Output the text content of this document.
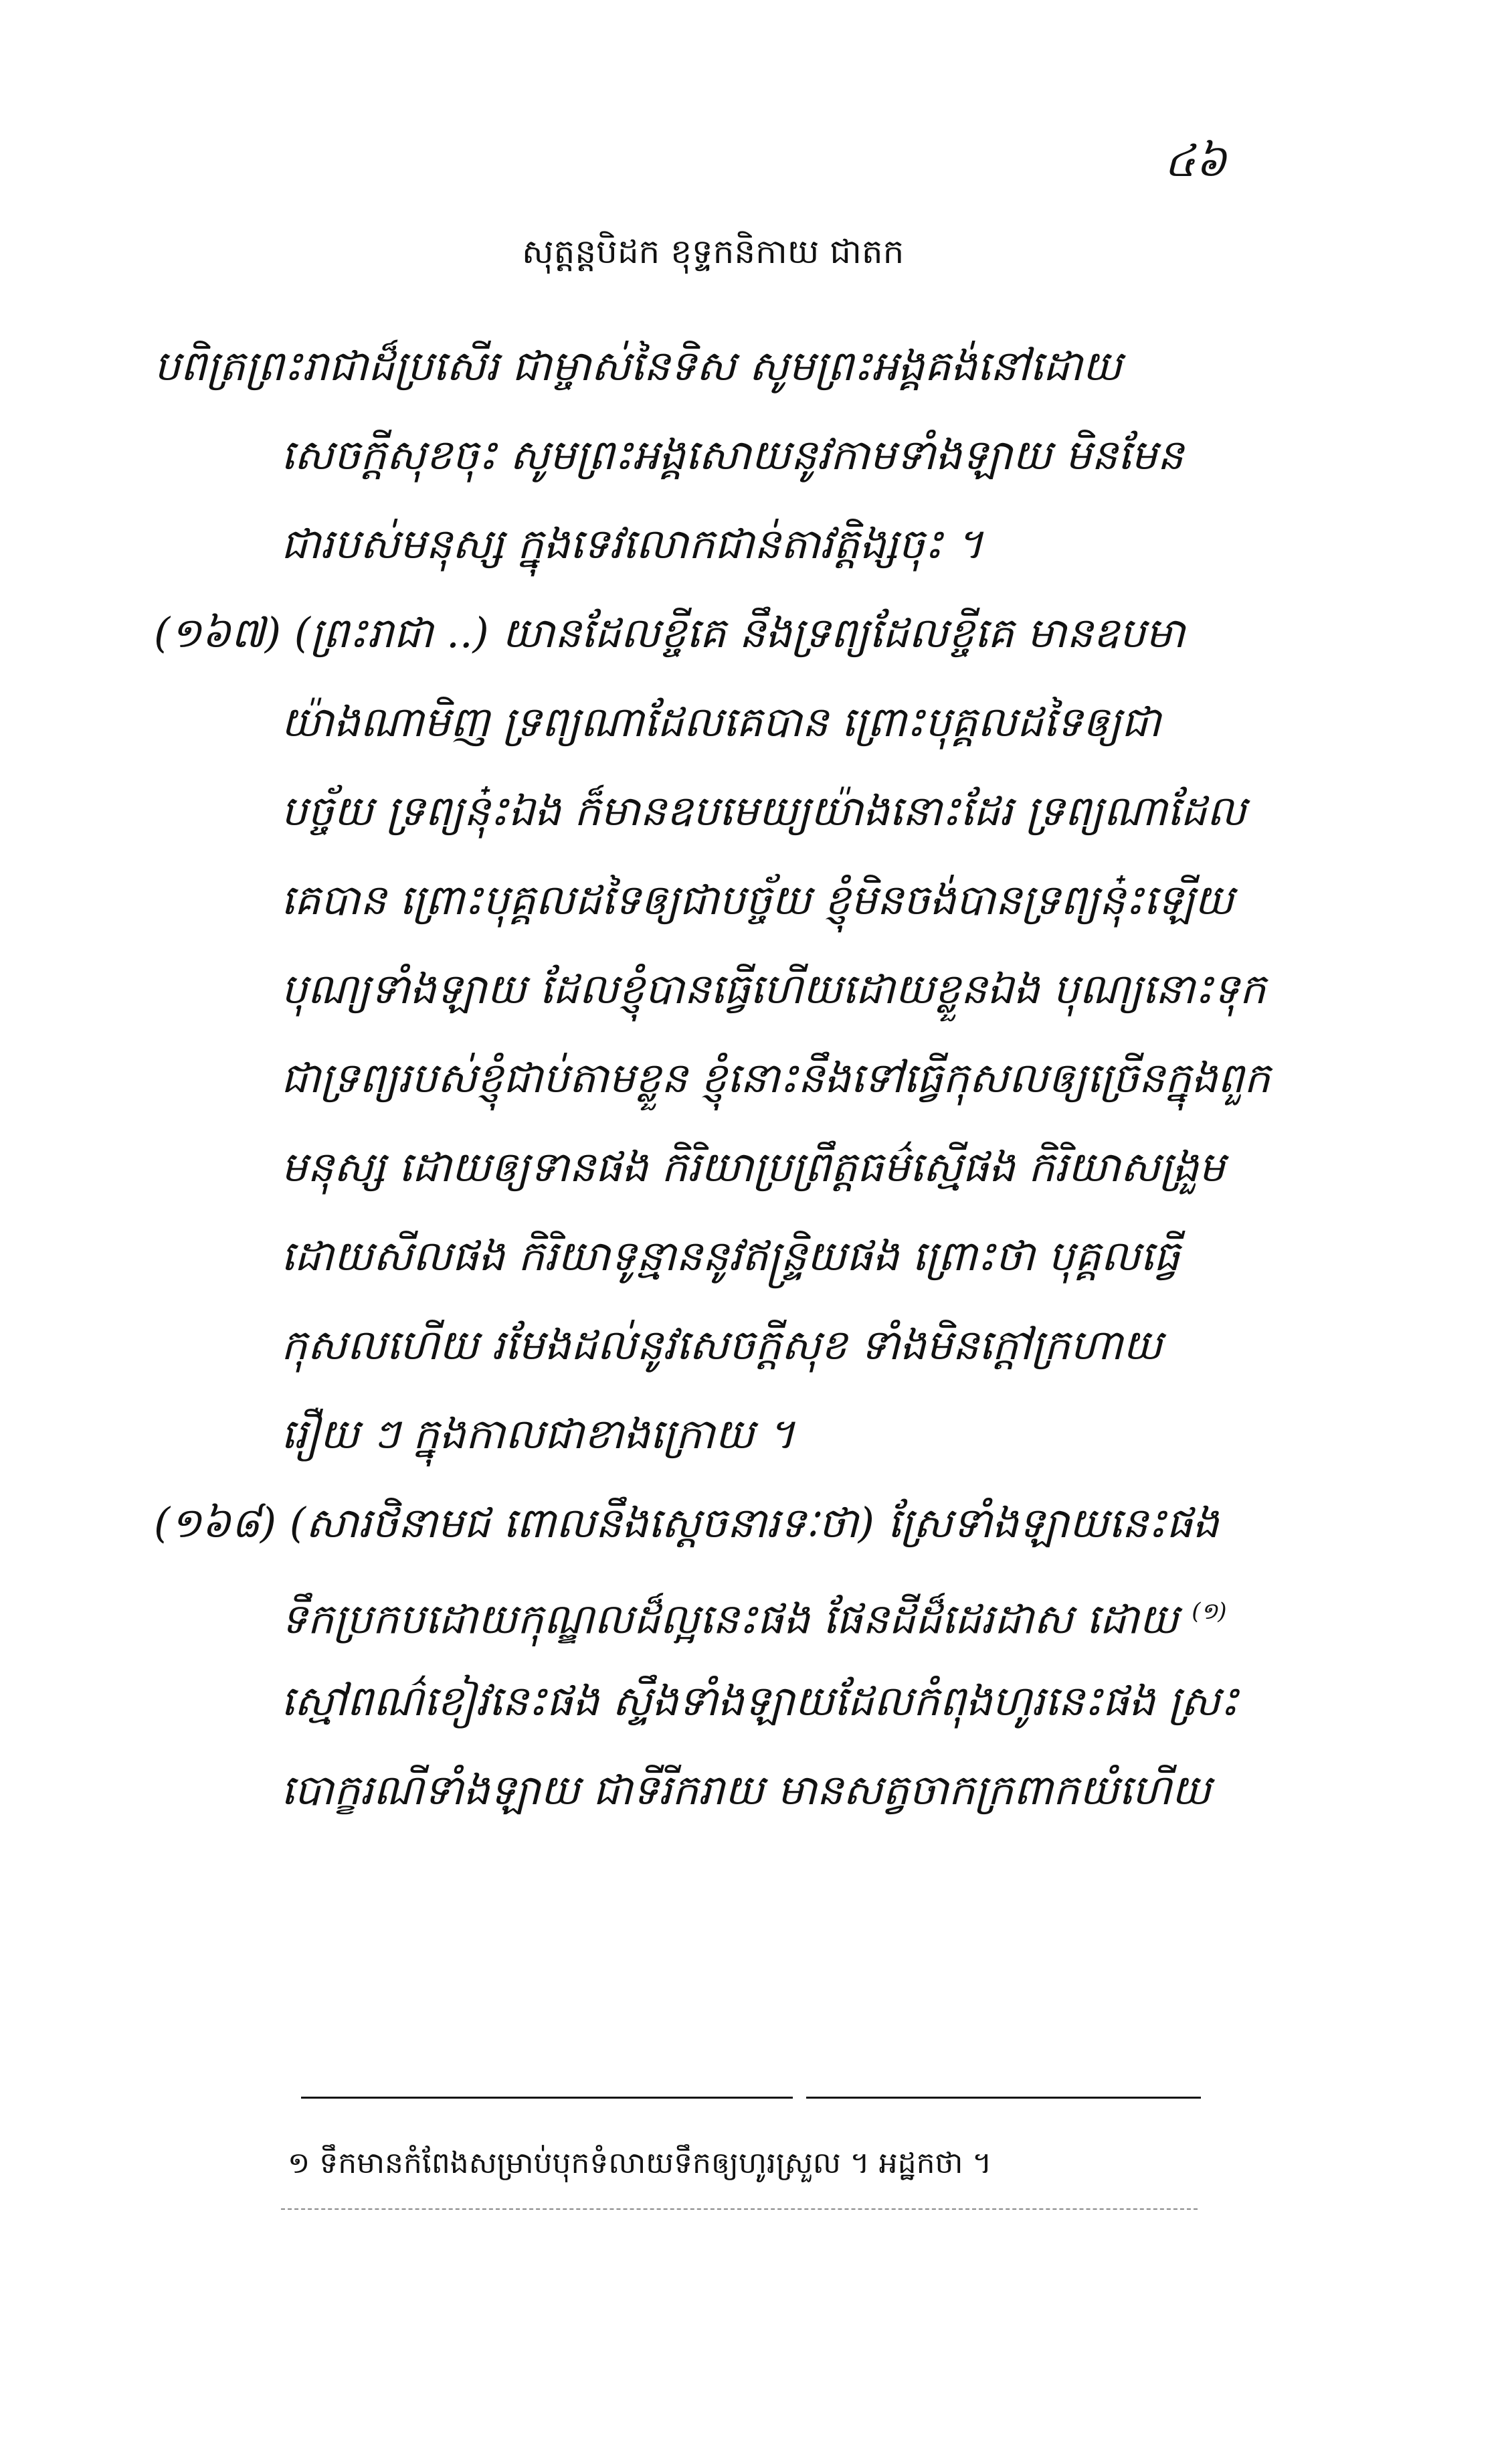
៤៦
សុត្តន្តបិដក ខុទ្ទកនិកាយ ជាតក
បពិត្រព្រះរាជាដ៏ប្រសើរ ជាម្ចាស់នៃទិស សូមព្រះអង្គគង់នៅដោយ
សេចក្តីសុខចុះ សូមព្រះអង្គសោយនូវកាមទាំងឡាយ មិនមែន
ជារបស់មនុស្ស ក្នុងទេវលោកជាន់តាវត្តិង្សចុះ ។
(១៦៧) (ព្រះរាជា ..) យានដែលខ្ចីគេ នឹងទ្រព្យដែលខ្ចីគេ មានឧបមា
យ៉ាងណាមិញ ទ្រព្យណាដែលគេបាន ព្រោះបុគ្គលដទៃឲ្យជា
បច្ច័យ ទ្រព្យនុ៎ះឯង ក៏មានឧបមេយ្យយ៉ាងនោះដែរ ទ្រព្យណាដែល
គេបាន ព្រោះបុគ្គលដទៃឲ្យជាបច្ច័យ ខ្ញុំមិនចង់បានទ្រព្យនុ៎ះឡើយ
បុណ្យទាំងឡាយ ដែលខ្ញុំបានធ្វើហើយដោយខ្លួនឯង បុណ្យនោះទុក
ជាទ្រព្យរបស់ខ្ញុំជាប់តាមខ្លួន ខ្ញុំនោះនឹងទៅធ្វើកុសលឲ្យច្រើនក្នុងពួក
មនុស្ស ដោយឲ្យទានផង កិរិយាប្រព្រឹត្តធម៌ស្មើផង កិរិយាសង្រួម
ដោយសីលផង កិរិយាទូន្មាននូវឥន្ទ្រិយផង ព្រោះថា បុគ្គលធ្វើ
កុសលហើយ រមែងដល់នូវសេចក្តីសុខ ទាំងមិនក្តៅក្រហាយ
រឿយ ៗ ក្នុងកាលជាខាងក្រោយ ។
(១៦៨) (សារថិនាមជ ពោលនឹងស្តេចនារទៈថា) ស្រែទាំងឡាយនេះផង
ទឹកប្រកបដោយកុណ្ឌលដ៏ល្អនេះផង ផែនដីដ៏ដេរដាស ដោយ $^{(១)}$
ស្មៅពណ៌ខៀវនេះផង ស្ទឹងទាំងឡាយដែលកំពុងហូរនេះផង ស្រះ
បោក្ខរណីទាំងឡាយ ជាទីរីករាយ មានសត្វចាកក្រពាកយំហើយ
១ ទឹកមានកំពែងសម្រាប់បុកទំលាយទឹកឲ្យហូរស្រួល ។ អដ្ឋកថា ។
